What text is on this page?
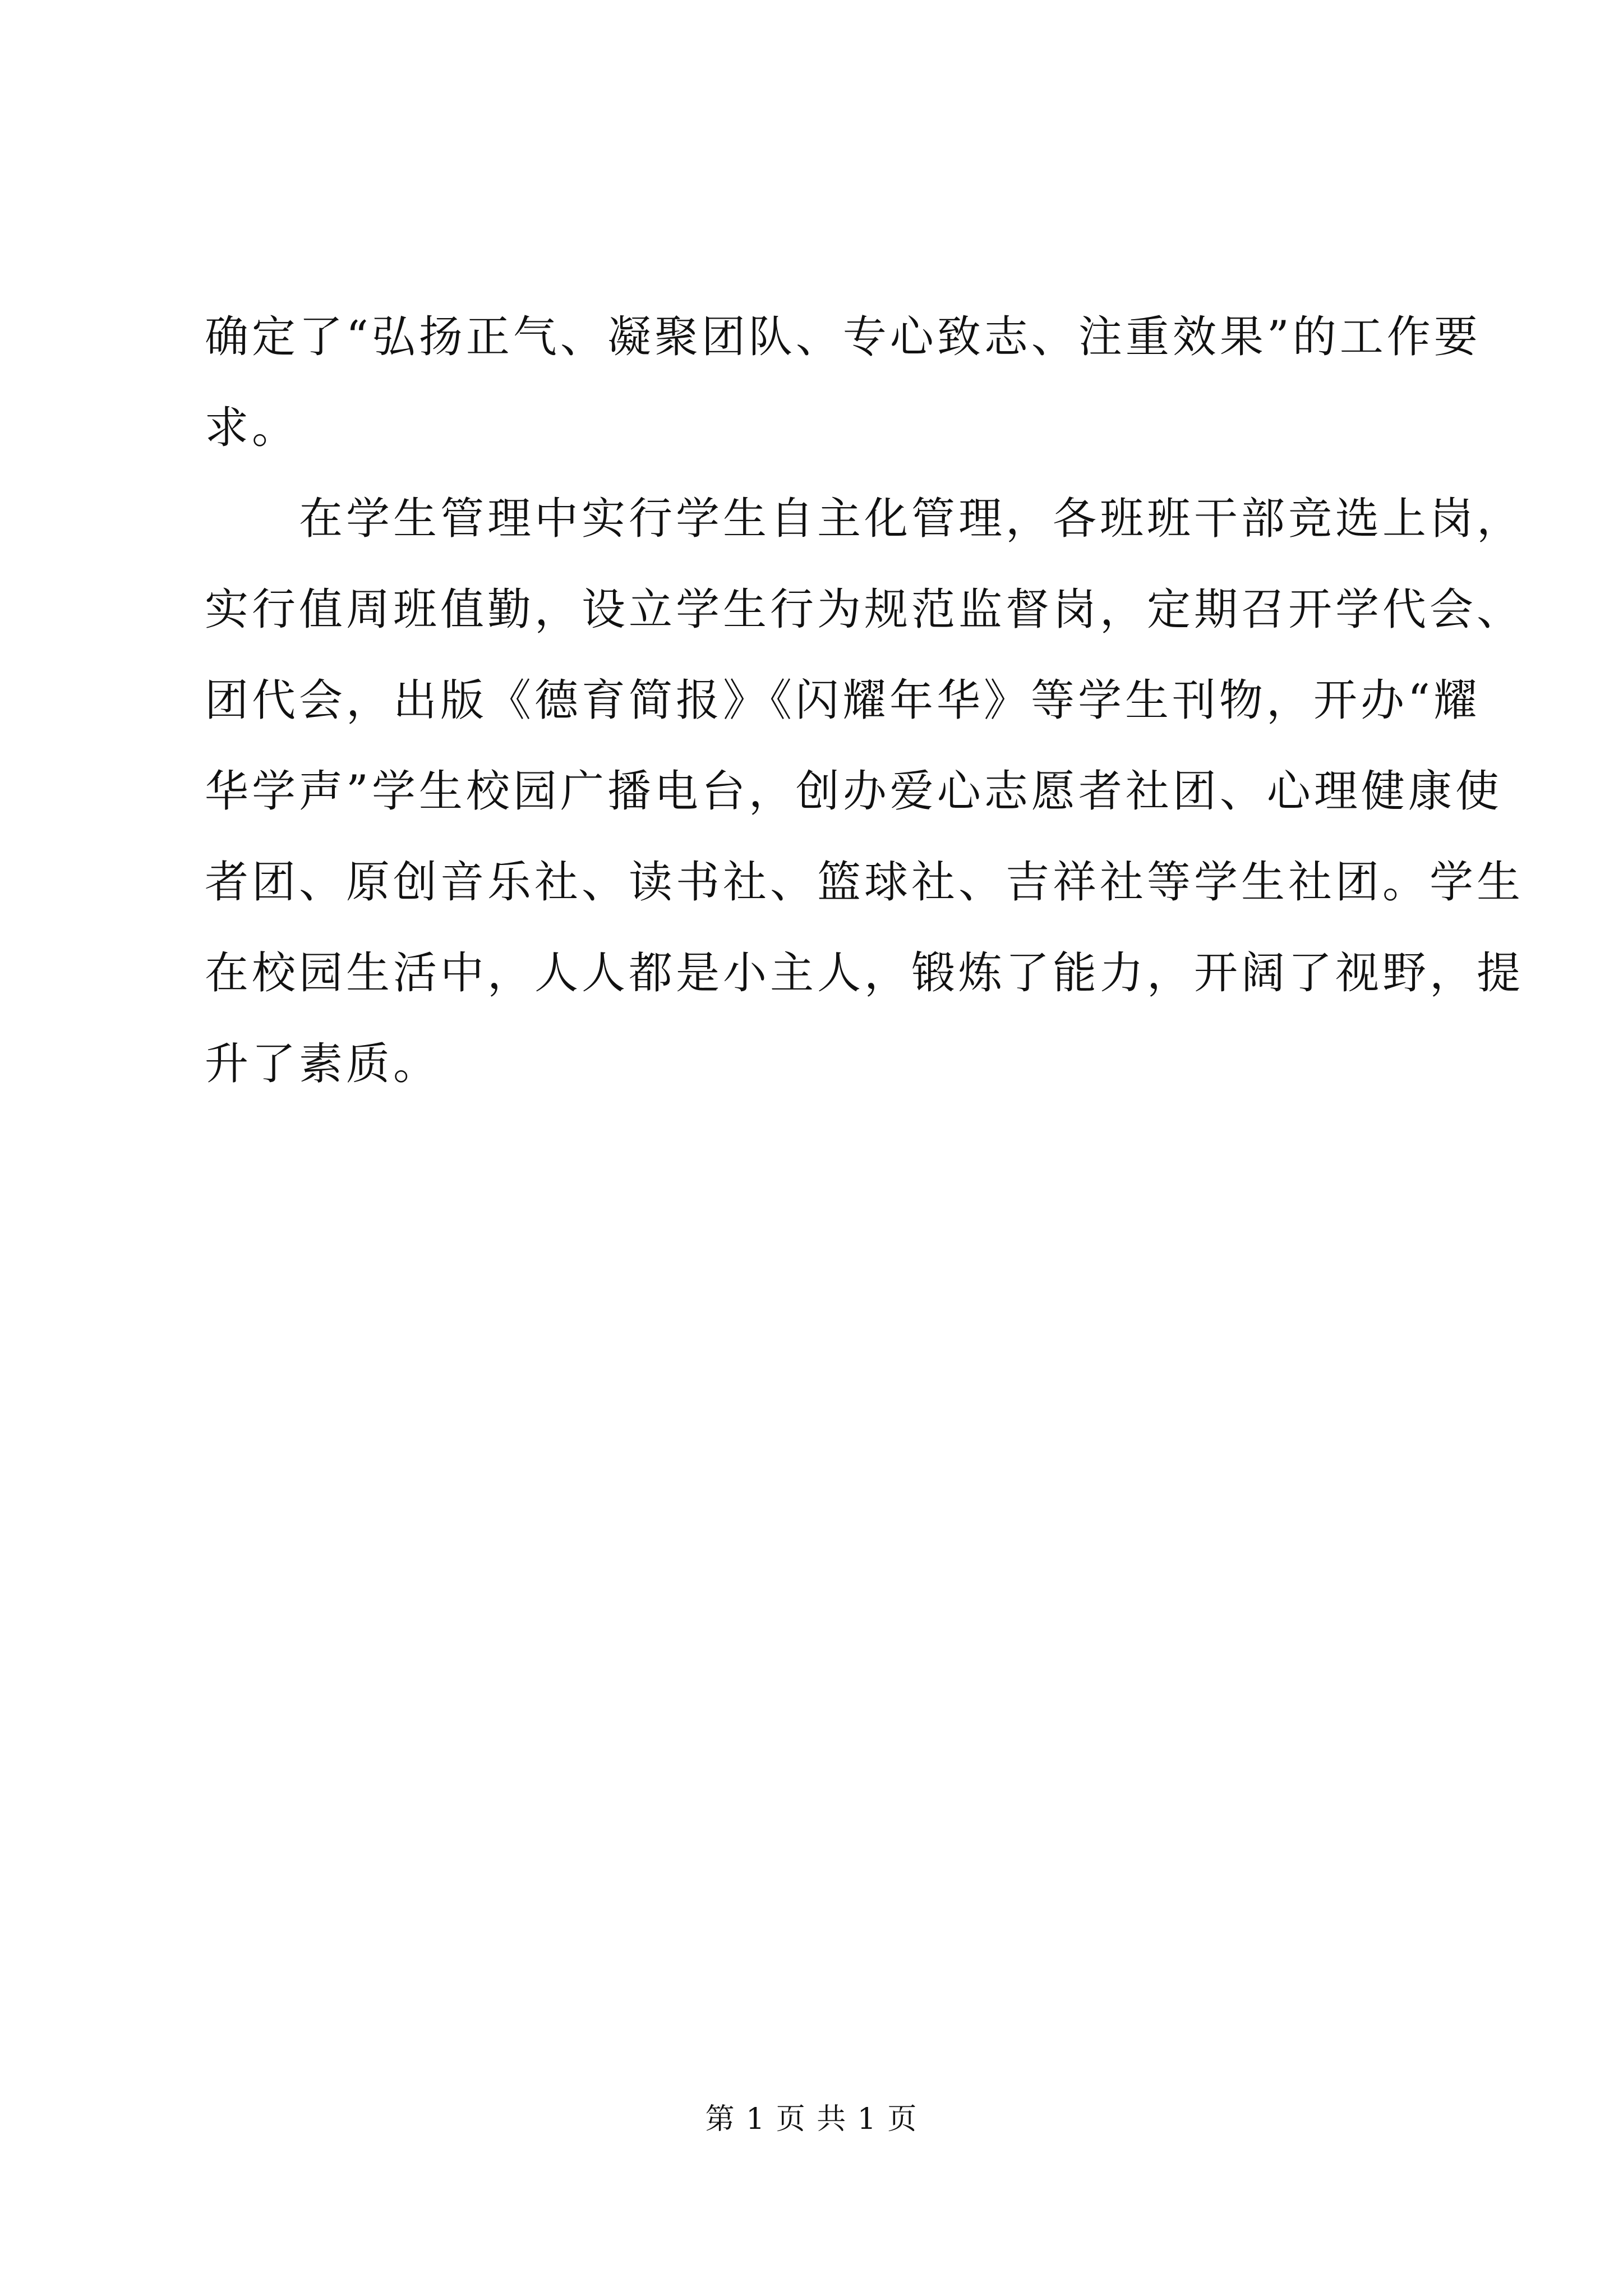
确定了“弘扬正气、凝聚团队、专心致志、注重效果”的工作要
求。
　　在学生管理中实行学生自主化管理，各班班干部竞选上岗，
实行值周班值勤，设立学生行为规范监督岗，定期召开学代会、
团代会，出版《德育简报》《闪耀年华》等学生刊物，开办“耀
华学声”学生校园广播电台，创办爱心志愿者社团、心理健康使
者团、原创音乐社、读书社、篮球社、吉祥社等学生社团。学生
在校园生活中，人人都是小主人，锻炼了能力，开阔了视野，提
升了素质。
第 1 页 共 1 页
